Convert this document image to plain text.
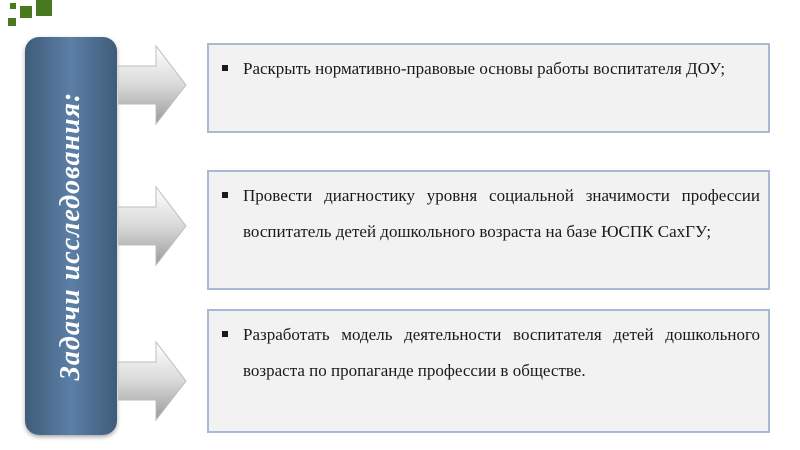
Задачи исследования:
Раскрыть нормативно-правовые основы работы воспитателя ДОУ;
Провести диагностику уровня социальной значимости профессии воспитатель детей дошкольного возраста на базе ЮСПК СахГУ;
Разработать модель деятельности воспитателя детей дошкольного возраста по пропаганде профессии в обществе.
